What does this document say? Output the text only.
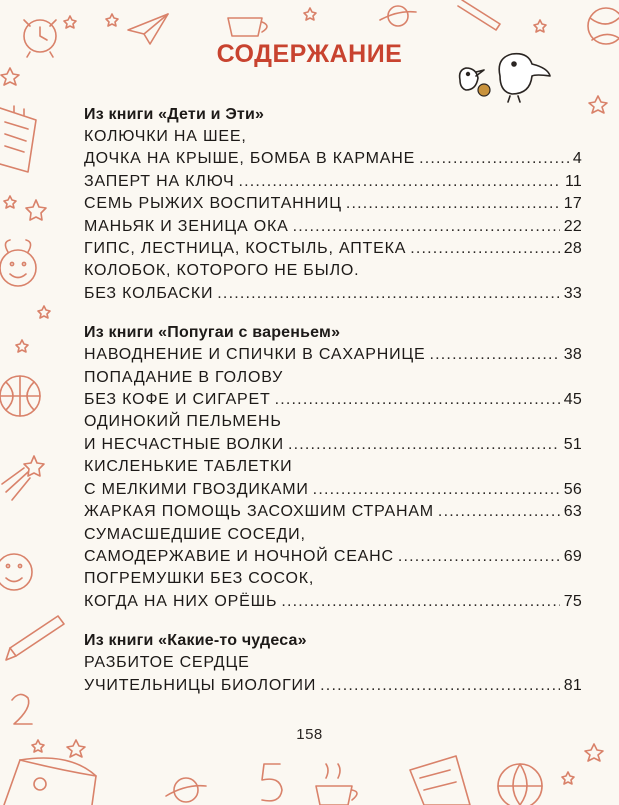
СОДЕРЖАНИЕ
Из книги «Дети и Эти»
КОЛЮЧКИ НА ШЕЕ,
ДОЧКА НА КРЫШЕ, БОМБА В КАРМАНЕ .....	4
ЗАПЕРТ НА КЛЮЧ .....	11
СЕМЬ РЫЖИХ ВОСПИТАННИЦ .....	17
МАНЬЯК И ЗЕНИЦА ОКА .....	22
ГИПС, ЛЕСТНИЦА, КОСТЫЛЬ, АПТЕКА .....	28
КОЛОБОК, КОТОРОГО НЕ БЫЛО.
БЕЗ КОЛБАСКИ .....	33
Из книги «Попугаи с вареньем»
НАВОДНЕНИЕ И СПИЧКИ В САХАРНИЦЕ .....	38
ПОПАДАНИЕ В ГОЛОВУ
БЕЗ КОФЕ И СИГАРЕТ .....	45
ОДИНОКИЙ ПЕЛЬМЕНЬ
И НЕСЧАСТНЫЕ ВОЛКИ .....	51
КИСЛЕНЬКИЕ ТАБЛЕТКИ
С МЕЛКИМИ ГВОЗДИКАМИ .....	56
ЖАРКАЯ ПОМОЩЬ ЗАСОХШИМ СТРАНАМ .....	63
СУМАСШЕДШИЕ СОСЕДИ,
САМОДЕРЖАВИЕ И НОЧНОЙ СЕАНС .....	69
ПОГРЕМУШКИ БЕЗ СОСОК,
КОГДА НА НИХ ОРЁШЬ .....	75
Из книги «Какие-то чудеса»
РАЗБИТОЕ СЕРДЦЕ
УЧИТЕЛЬНИЦЫ БИОЛОГИИ .....	81
158
